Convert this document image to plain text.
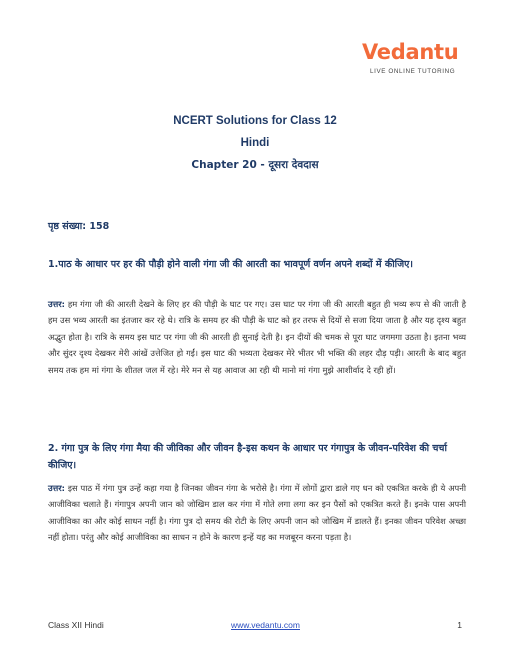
Vedantu
LIVE ONLINE TUTORING
NCERT Solutions for Class 12
Hindi
Chapter 20 - दूसरा देवदास
पृष्ठ संख्या: 158
1.पाठ के आधार पर हर की पौड़ी होने वाली गंगा जी की आरती का भावपूर्ण वर्णन अपने शब्दों में कीजिए।
उत्तर: हम गंगा जी की आरती देखने के लिए हर की पौड़ी के घाट पर गए। उस घाट पर गंगा जी की आरती बहुत ही भव्य रूप से की जाती है हम उस भव्य आरती का इंतजार कर रहे थे। रात्रि के समय हर की पौड़ी के घाट को हर तरफ से दियों से सजा दिया जाता है और यह दृश्य बहुत अद्भुत होता है। रात्रि के समय इस घाट पर गंगा जी की आरती ही सुनाई देती है। इन दीयों की चमक से पूरा घाट जगमगा उठता है। इतना भव्य और सुंदर दृश्य देखकर मेरी आंखें उत्तेजित हो गईं। इस घाट की भव्यता देखकर मेरे भीतर भी भक्ति की लहर दौड़ पड़ी। आरती के बाद बहुत समय तक हम मां गंगा के शीतल जल में रहे। मेरे मन से यह आवाज आ रही थी मानो मां गंगा मुझे आशीर्वाद दे रही हों।
2. गंगा पुत्र के लिए गंगा मैया की जीविका और जीवन है-इस कथन के आधार पर गंगापुत्र के जीवन-परिवेश की चर्चा कीजिए।
उत्तर: इस पाठ में गंगा पुत्र उन्हें कहा गया है जिनका जीवन गंगा के भरोसे है। गंगा में लोगों द्वारा डाले गए धन को एकत्रित करके ही ये अपनी आजीविका चलाते हैं। गंगापुत्र अपनी जान को जोखिम डाल कर गंगा में गोते लगा लगा कर इन पैसों को एकत्रित करते हैं। इनके पास अपनी आजीविका का और कोई साधन नहीं है। गंगा पुत्र दो समय की रोटी के लिए अपनी जान को जोखिम में डालते हैं। इनका जीवन परिवेश अच्छा नहीं होता। परंतु और कोई आजीविका का साधन न होने के कारण इन्हें यह का मजबूरन करना पड़ता है।
Class XII Hindi	www.vedantu.com	1
